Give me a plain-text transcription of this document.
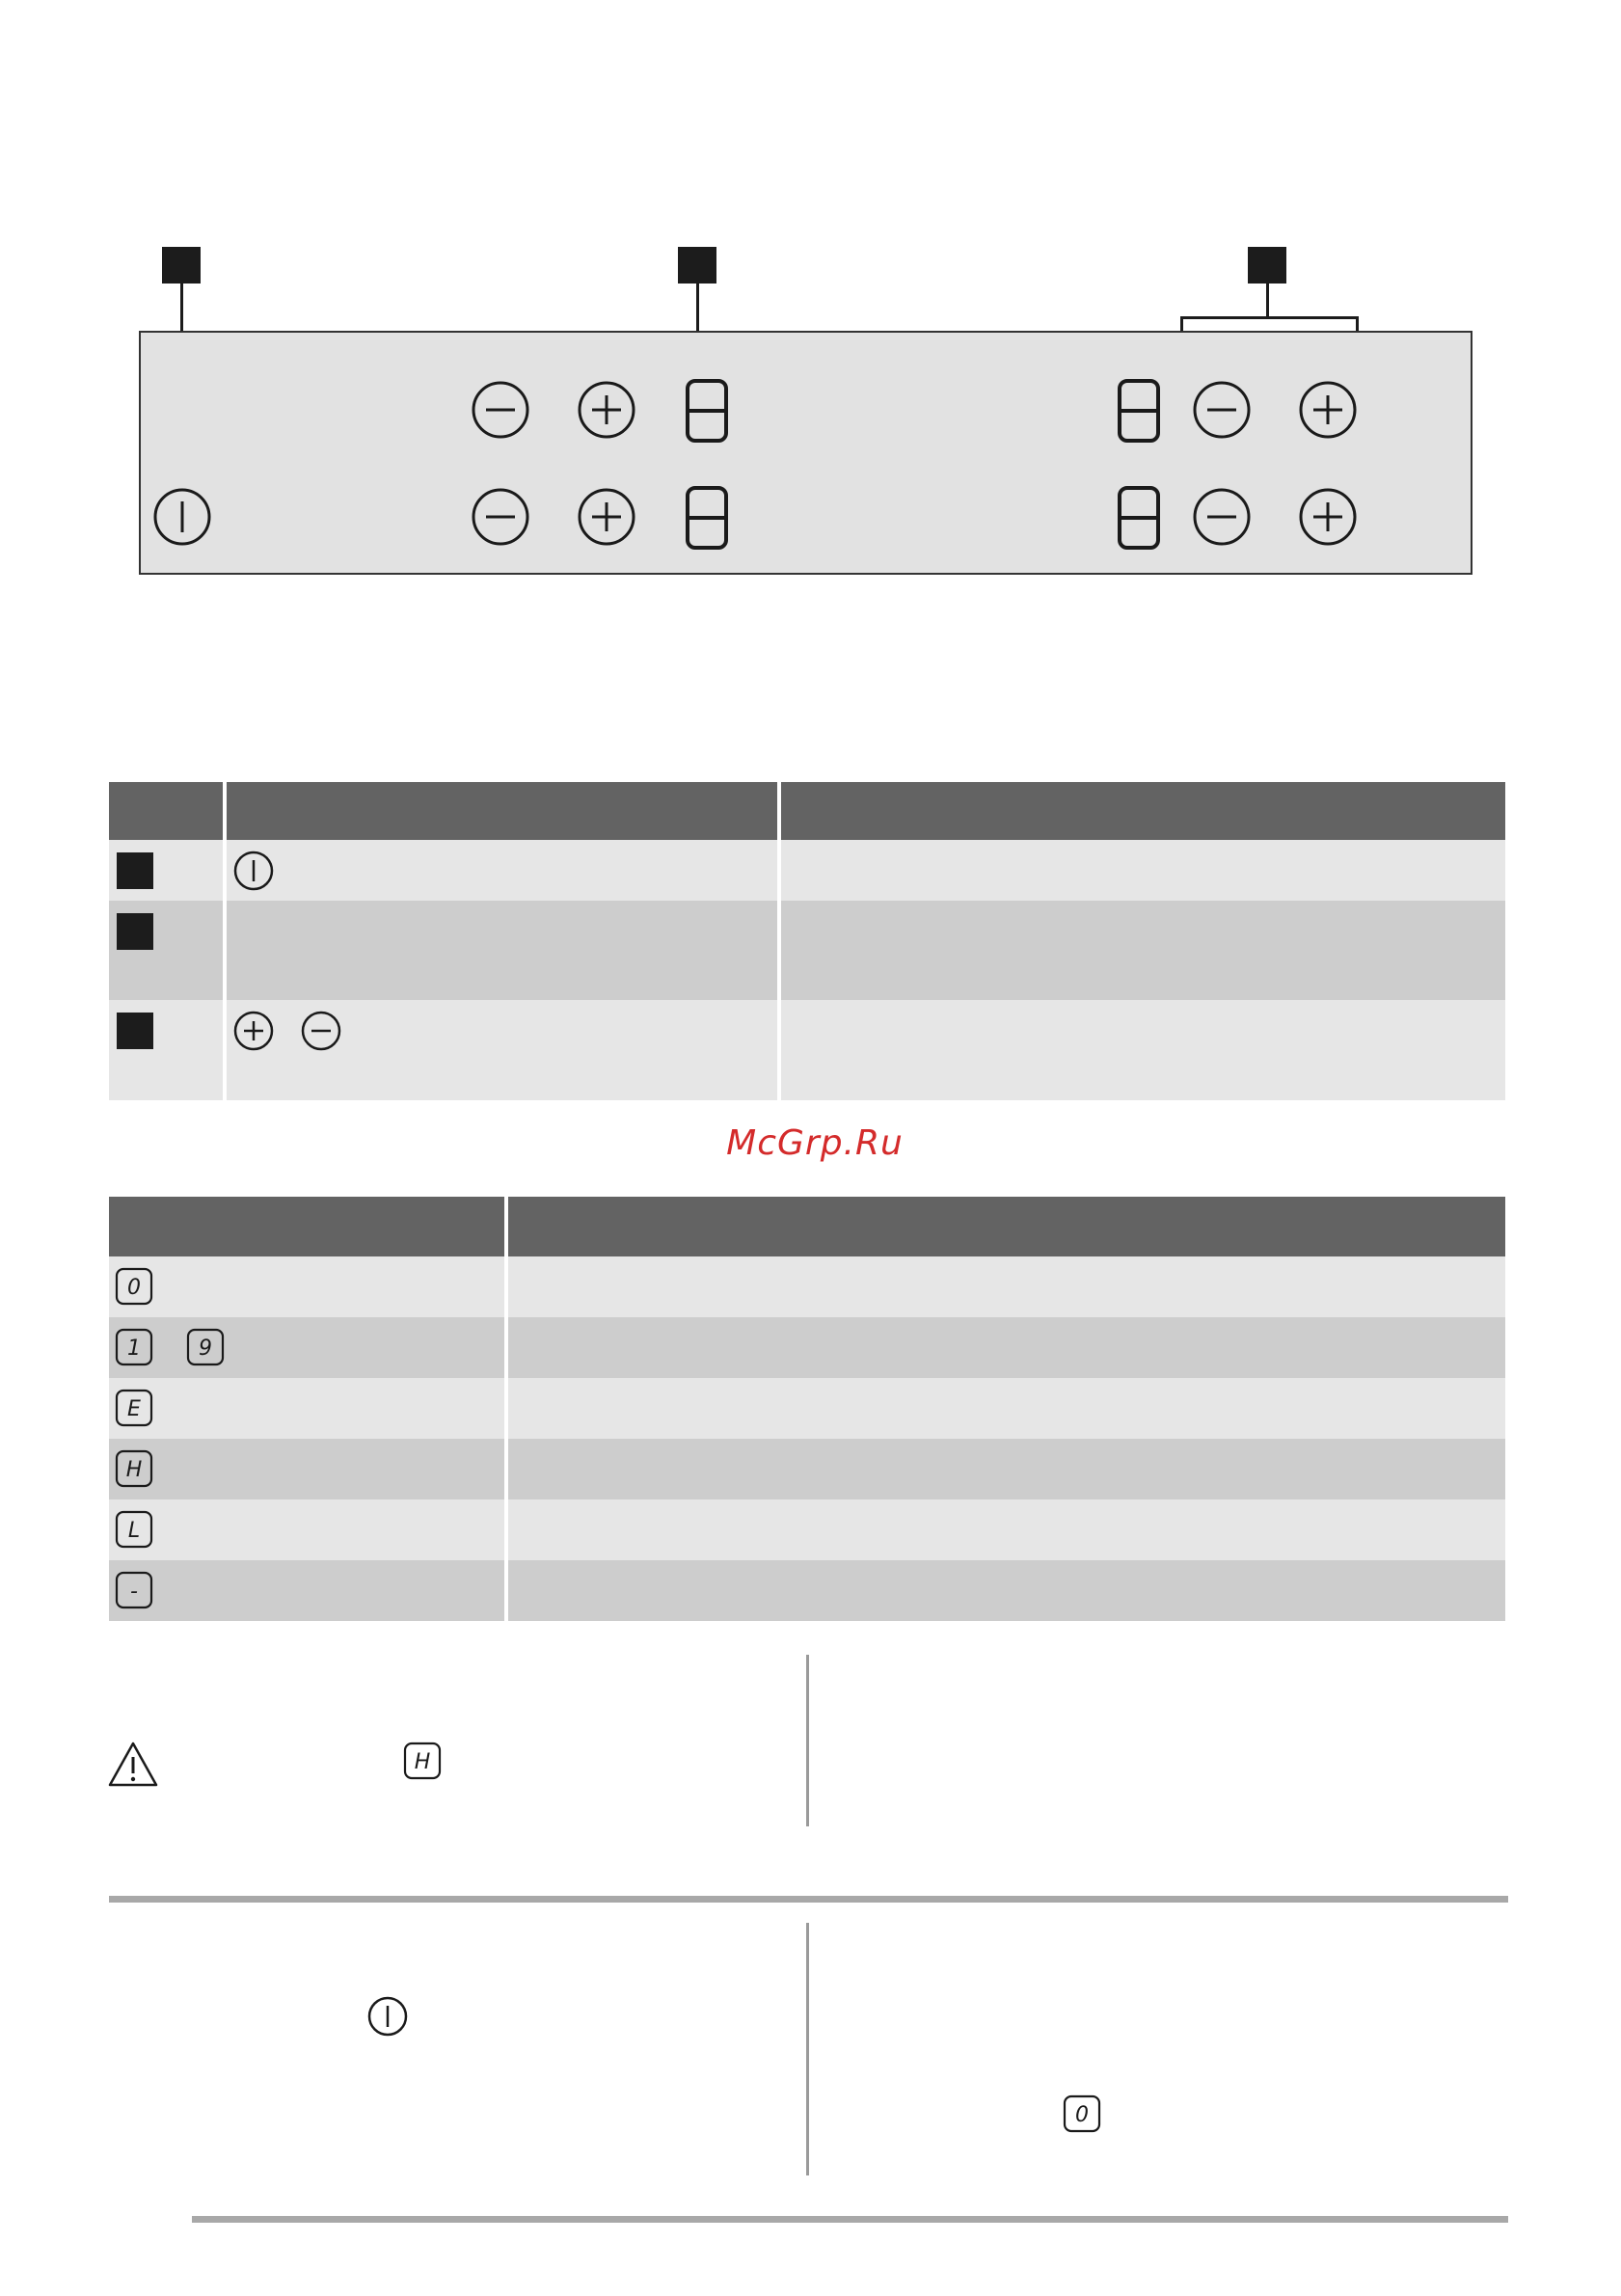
McGrp.Ru
0
1	9
E
H
L
-
H
0
